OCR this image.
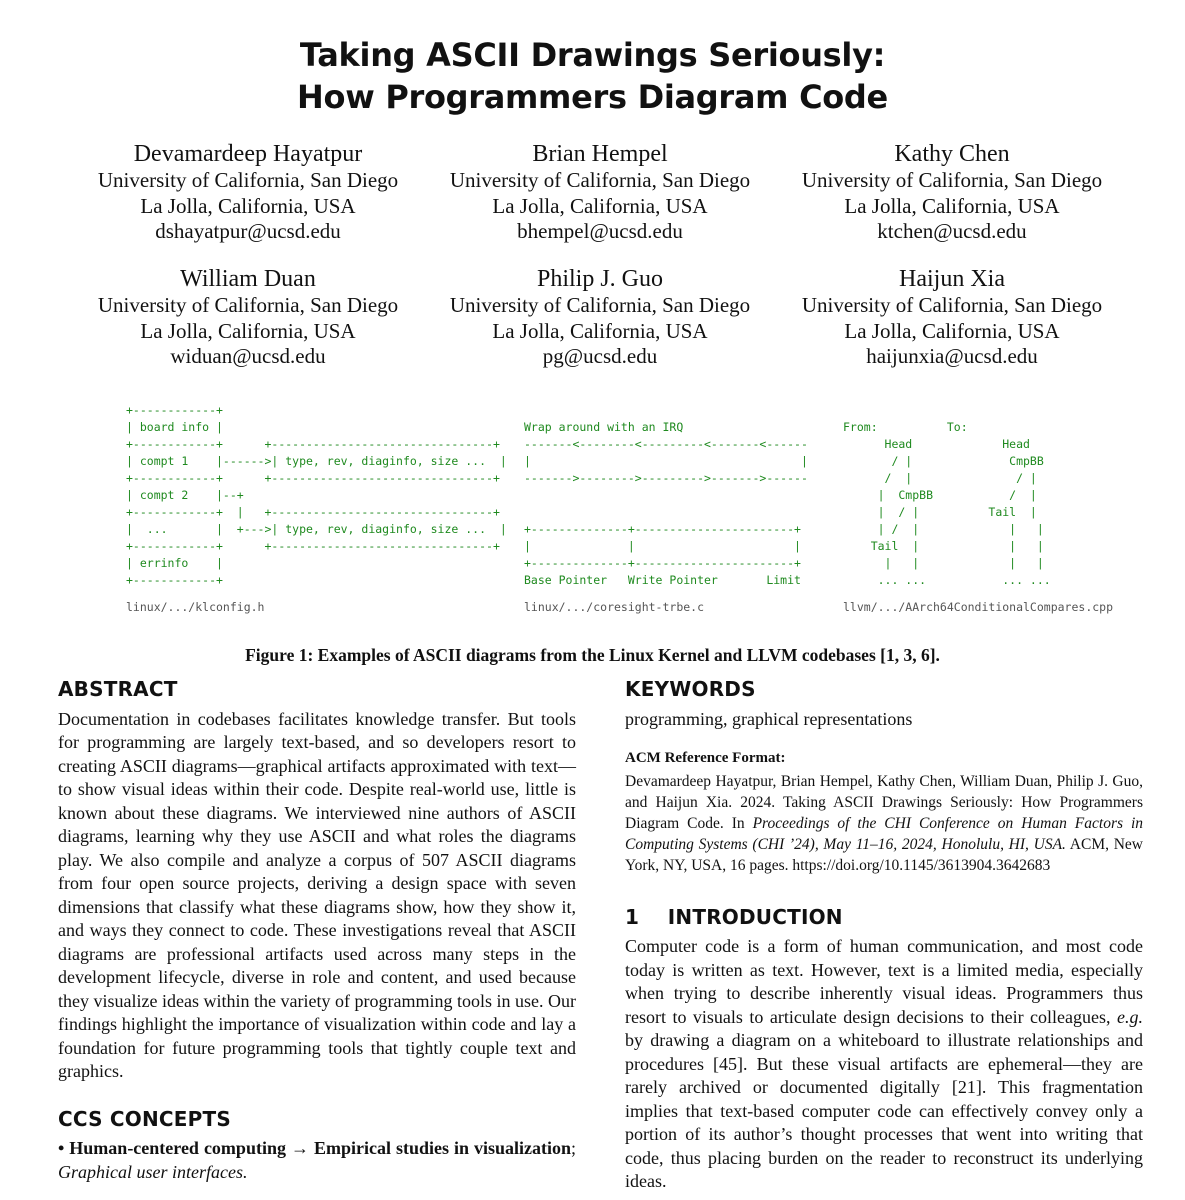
Taking ASCII Drawings Seriously:
How Programmers Diagram Code
Devamardeep Hayatpur
University of California, San Diego
La Jolla, California, USA
dshayatpur@ucsd.edu
Brian Hempel
University of California, San Diego
La Jolla, California, USA
bhempel@ucsd.edu
Kathy Chen
University of California, San Diego
La Jolla, California, USA
ktchen@ucsd.edu
William Duan
University of California, San Diego
La Jolla, California, USA
widuan@ucsd.edu
Philip J. Guo
University of California, San Diego
La Jolla, California, USA
pg@ucsd.edu
Haijun Xia
University of California, San Diego
La Jolla, California, USA
haijunxia@ucsd.edu
+------------+
| board info |
+------------+      +--------------------------------+
| compt 1    |------>| type, rev, diaginfo, size ...  |
+------------+      +--------------------------------+
| compt 2    |--+
+------------+  |   +--------------------------------+
|  ...       |  +--->| type, rev, diaginfo, size ...  |
+------------+      +--------------------------------+
| errinfo    |
+------------+
Wrap around with an IRQ
-------<--------<---------<-------<------
|                                       |
------->-------->--------->------->------

+--------------+-----------------------+
|              |                       |
+--------------+-----------------------+
Base Pointer   Write Pointer       Limit
From:          To:
Head             Head
/ |              CmpBB
/  |               / |
|  CmpBB           /  |
|  / |          Tail  |
| /  |             |   |
Tail  |             |   |
|   |             |   |
... ...           ... ...
linux/.../klconfig.h	linux/.../coresight-trbe.c	llvm/.../AArch64ConditionalCompares.cpp
Figure 1: Examples of ASCII diagrams from the Linux Kernel and LLVM codebases [1, 3, 6].
ABSTRACT

Documentation in codebases facilitates knowledge transfer. But tools for programming are largely text-based, and so developers resort to creating ASCII diagrams—graphical artifacts approximated with text—to show visual ideas within their code. Despite real-world use, little is known about these diagrams. We interviewed nine authors of ASCII diagrams, learning why they use ASCII and what roles the diagrams play. We also compile and analyze a corpus of 507 ASCII diagrams from four open source projects, deriving a design space with seven dimensions that classify what these diagrams show, how they show it, and ways they connect to code. These investigations reveal that ASCII diagrams are professional artifacts used across many steps in the development lifecycle, diverse in role and content, and used because they visualize ideas within the variety of programming tools in use. Our findings highlight the importance of visualization within code and lay a foundation for future programming tools that tightly couple text and graphics.

CCS CONCEPTS

• Human-centered computing → Empirical studies in visualization; Graphical user interfaces.

KEYWORDS

programming, graphical representations

ACM Reference Format:

Devamardeep Hayatpur, Brian Hempel, Kathy Chen, William Duan, Philip J. Guo, and Haijun Xia. 2024. Taking ASCII Drawings Seriously: How Programmers Diagram Code. In Proceedings of the CHI Conference on Human Factors in Computing Systems (CHI ’24), May 11–16, 2024, Honolulu, HI, USA. ACM, New York, NY, USA, 16 pages. https://doi.org/10.1145/3613904.3642683

1    INTRODUCTION

Computer code is a form of human communication, and most code today is written as text. However, text is a limited media, especially when trying to describe inherently visual ideas. Programmers thus resort to visuals to articulate design decisions to their colleagues, e.g. by drawing a diagram on a whiteboard to illustrate relationships and procedures [45]. But these visual artifacts are ephemeral—they are rarely archived or documented digitally [21]. This fragmentation implies that text-based computer code can effectively convey only a portion of its author’s thought processes that went into writing that code, thus placing burden on the reader to reconstruct its underlying ideas.
